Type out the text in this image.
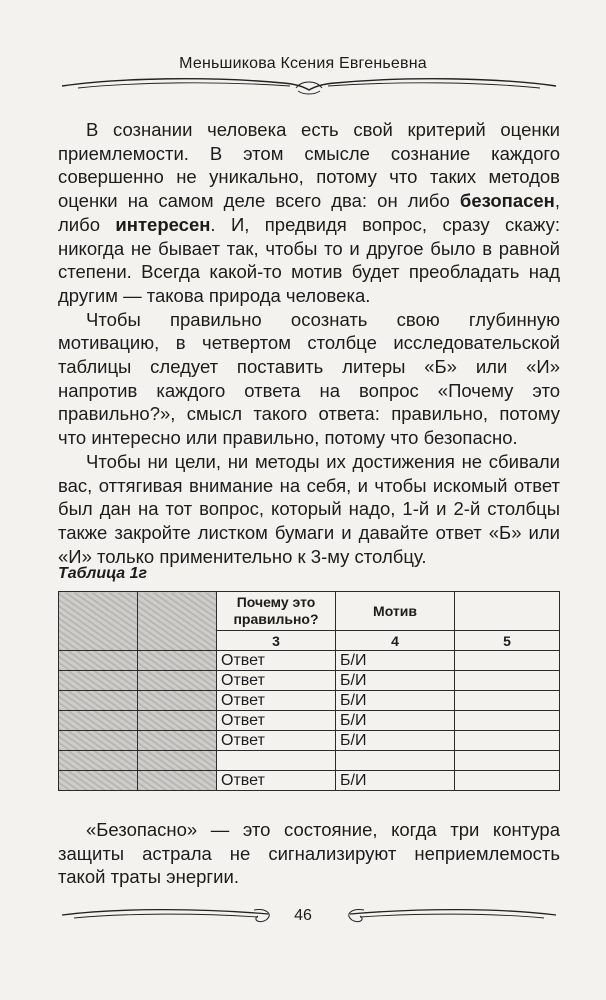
Меньшикова Ксения Евгеньевна

В сознании человека есть свой критерий оценки приемлемости. В этом смысле сознание каждого совершенно не уникально, потому что таких методов оценки на самом деле всего два: он либо безопасен, либо интересен. И, предвидя вопрос, сразу скажу: никогда не бывает так, чтобы то и другое было в равной степени. Всегда какой-то мотив будет преобладать над другим — такова природа человека.

Чтобы правильно осознать свою глубинную мотивацию, в четвертом столбце исследовательской таблицы следует поставить литеры «Б» или «И» напротив каждого ответа на вопрос «Почему это правильно?», смысл такого ответа: правильно, потому что интересно или правильно, потому что безопасно.

Чтобы ни цели, ни методы их достижения не сбивали вас, оттягивая внимание на себя, и чтобы искомый ответ был дан на тот вопрос, который надо, 1-й и 2-й столбцы также закройте листком бумаги и давайте ответ «Б» или «И» только применительно к 3-му столбцу.

Таблица 1г
		Почему это правильно?	Мотив	
		3	4	5
		Ответ	Б/И	
		Ответ	Б/И	
		Ответ	Б/И	
		Ответ	Б/И	
		Ответ	Б/И	

		Ответ	Б/И	

«Безопасно» — это состояние, когда три контура защиты астрала не сигнализируют неприемлемость такой траты энергии.

46
